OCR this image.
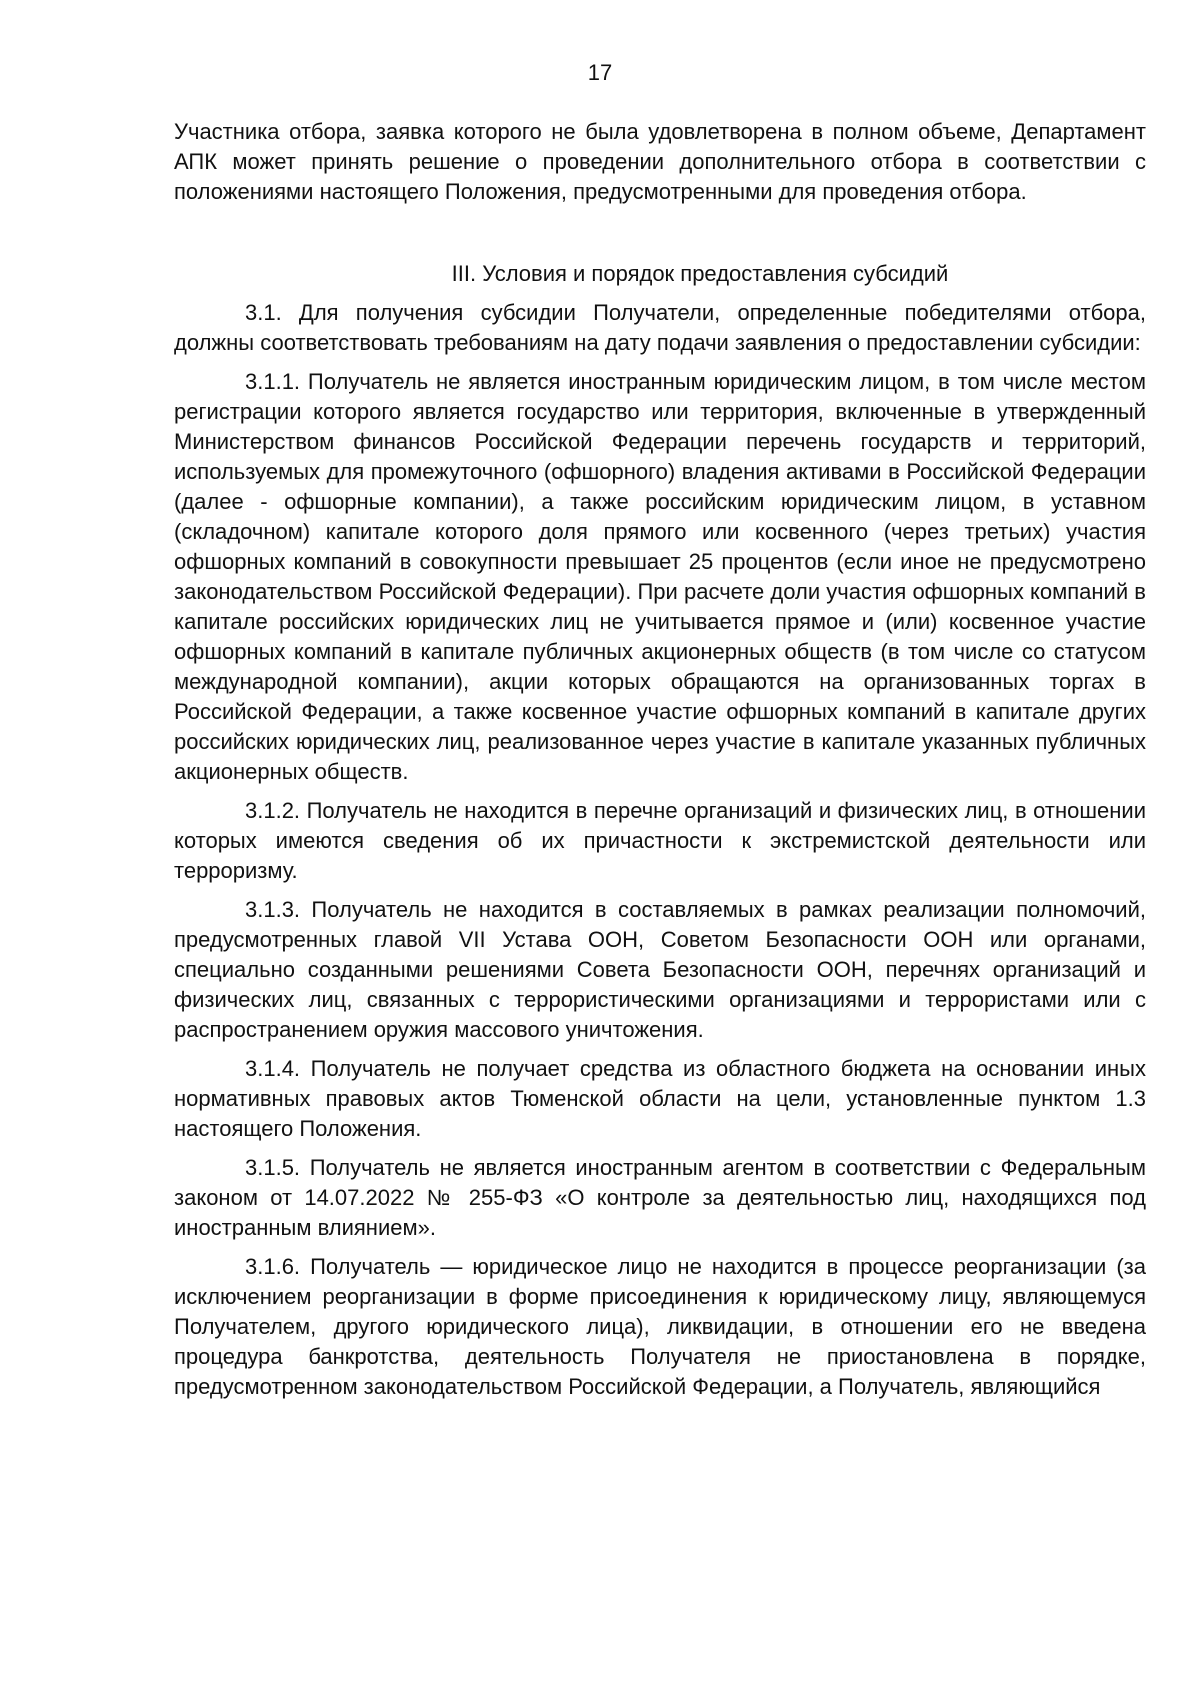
17

Участника отбора, заявка которого не была удовлетворена в полном объеме, Департамент АПК может принять решение о проведении дополнительного отбора в соответствии с положениями настоящего Положения, предусмотренными для проведения отбора.

III. Условия и порядок предоставления субсидий

3.1. Для получения субсидии Получатели, определенные победителями отбора, должны соответствовать требованиям на дату подачи заявления о предоставлении субсидии:

3.1.1. Получатель не является иностранным юридическим лицом, в том числе местом регистрации которого является государство или территория, включенные в утвержденный Министерством финансов Российской Федерации перечень государств и территорий, используемых для промежуточного (офшорного) владения активами в Российской Федерации (далее - офшорные компании), а также российским юридическим лицом, в уставном (складочном) капитале которого доля прямого или косвенного (через третьих) участия офшорных компаний в совокупности превышает 25 процентов (если иное не предусмотрено законодательством Российской Федерации). При расчете доли участия офшорных компаний в капитале российских юридических лиц не учитывается прямое и (или) косвенное участие офшорных компаний в капитале публичных акционерных обществ (в том числе со статусом международной компании), акции которых обращаются на организованных торгах в Российской Федерации, а также косвенное участие офшорных компаний в капитале других российских юридических лиц, реализованное через участие в капитале указанных публичных акционерных обществ.

3.1.2. Получатель не находится в перечне организаций и физических лиц, в отношении которых имеются сведения об их причастности к экстремистской деятельности или терроризму.

3.1.3. Получатель не находится в составляемых в рамках реализации полномочий, предусмотренных главой VII Устава ООН, Советом Безопасности ООН или органами, специально созданными решениями Совета Безопасности ООН, перечнях организаций и физических лиц, связанных с террористическими организациями и террористами или с распространением оружия массового уничтожения.

3.1.4. Получатель не получает средства из областного бюджета на основании иных нормативных правовых актов Тюменской области на цели, установленные пунктом 1.3 настоящего Положения.

3.1.5. Получатель не является иностранным агентом в соответствии с Федеральным законом от 14.07.2022 № 255-ФЗ «О контроле за деятельностью лиц, находящихся под иностранным влиянием».

3.1.6. Получатель — юридическое лицо не находится в процессе реорганизации (за исключением реорганизации в форме присоединения к юридическому лицу, являющемуся Получателем, другого юридического лица), ликвидации, в отношении его не введена процедура банкротства, деятельность Получателя не приостановлена в порядке, предусмотренном законодательством Российской Федерации, а Получатель, являющийся
